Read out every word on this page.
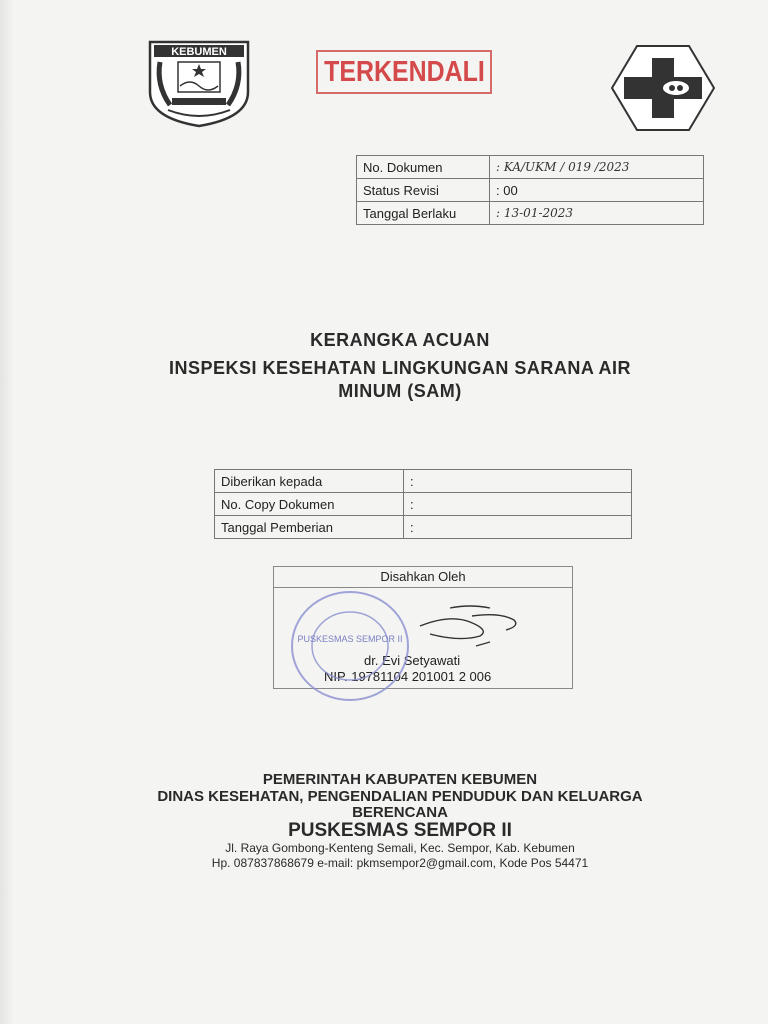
KEBUMEN
TERKENDALI
No. Dokumen	: KA/UKM / 019 /2023
Status Revisi	: 00
Tanggal Berlaku	: 13-01-2023
KERANGKA ACUAN
INSPEKSI KESEHATAN LINGKUNGAN SARANA AIR
MINUM (SAM)
Diberikan kepada	:
No. Copy Dokumen	:
Tanggal Pemberian	:
Disahkan Oleh
dr. Evi Setyawati
NIP. 19781104 201001 2 006
PUSKESMAS SEMPOR II
PEMERINTAH KABUPATEN KEBUMEN
DINAS KESEHATAN, PENGENDALIAN PENDUDUK DAN KELUARGA
BERENCANA
PUSKESMAS SEMPOR II
Jl. Raya Gombong-Kenteng Semali, Kec. Sempor, Kab. Kebumen
Hp. 087837868679 e-mail: pkmsempor2@gmail.com, Kode Pos 54471
